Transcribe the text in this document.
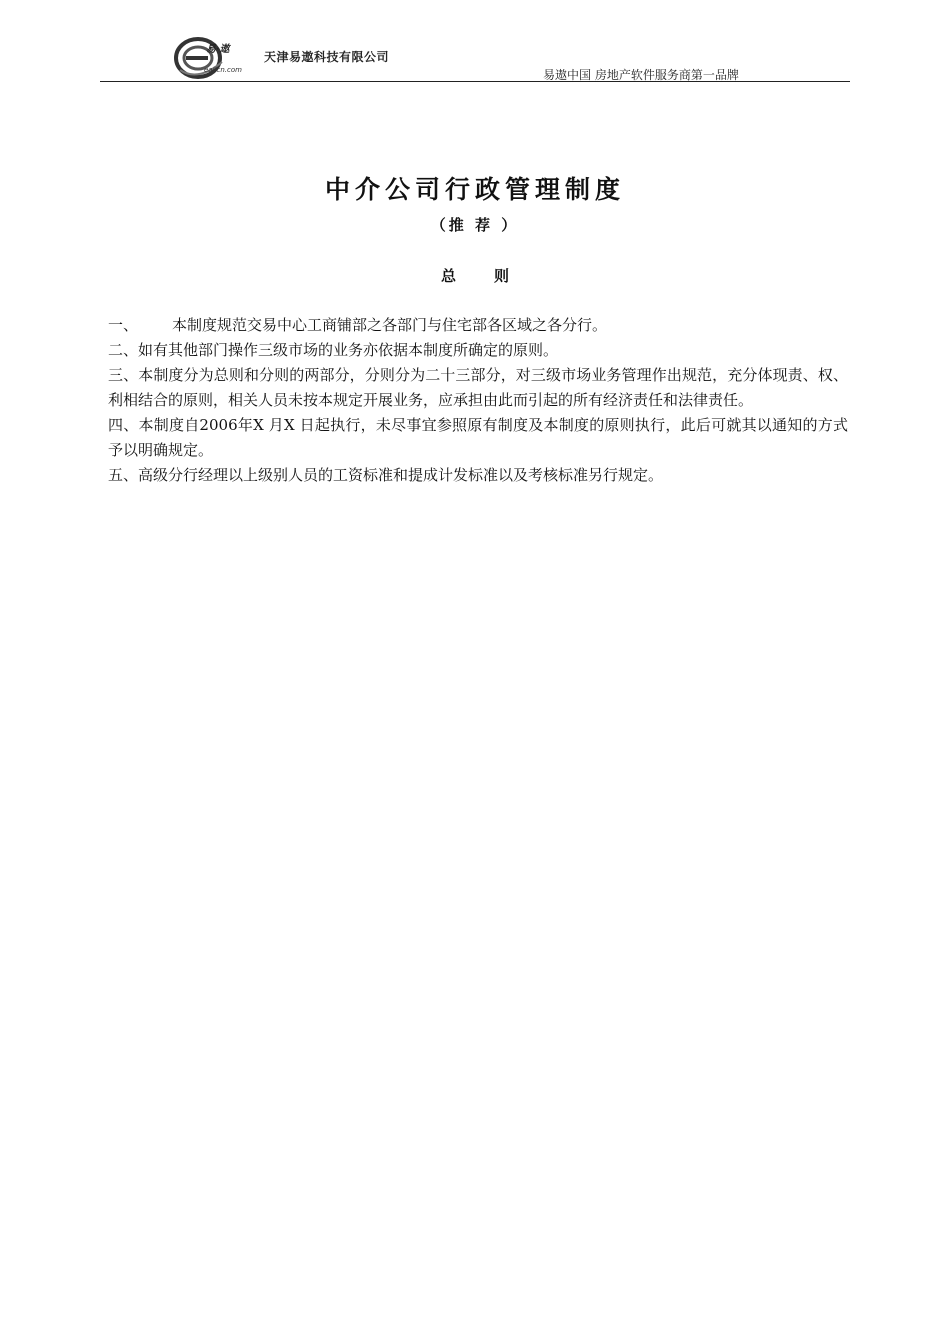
易·遨
eallcn.com
天津易遨科技有限公司
易遨中国 房地产软件服务商第一品牌
中介公司行政管理制度
（推 荐 ）
总	则

一、 本制度规范交易中心工商铺部之各部门与住宅部各区域之各分行。

二、如有其他部门操作三级市场的业务亦依据本制度所确定的原则。

三、本制度分为总则和分则的两部分，分则分为二十三部分，对三级市场业务管理作出规范，充分体现责、权、利相结合的原则，相关人员未按本规定开展业务，应承担由此而引起的所有经济责任和法律责任。

四、本制度自2006年X 月X 日起执行，未尽事宜参照原有制度及本制度的原则执行，此后可就其以通知的方式予以明确规定。

五、高级分行经理以上级别人员的工资标准和提成计发标准以及考核标准另行规定。
